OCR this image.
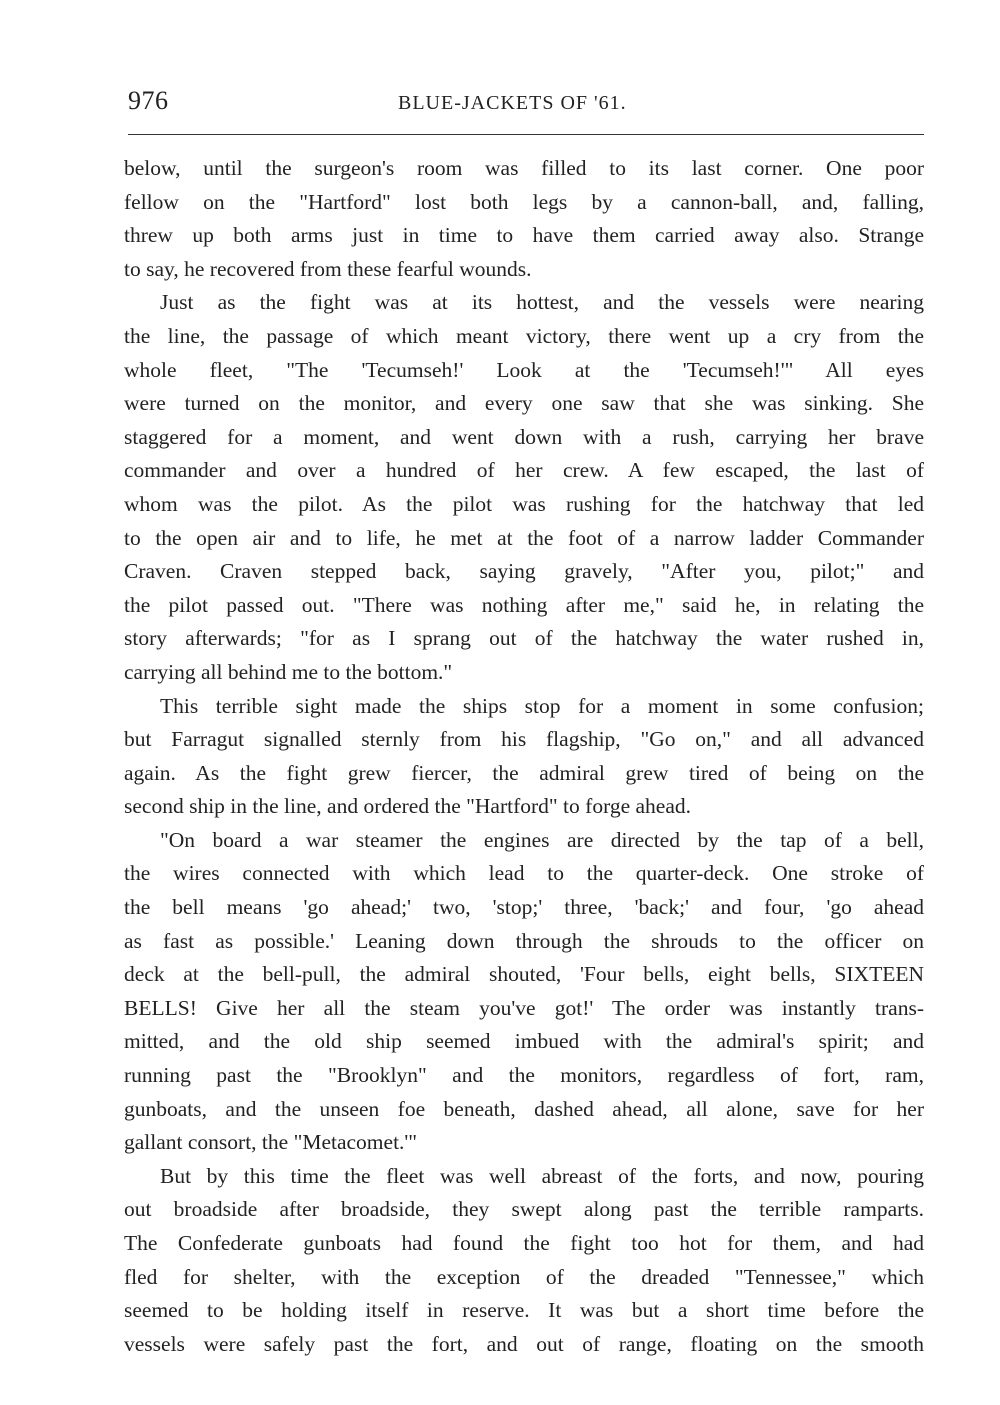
976	BLUE-JACKETS OF '61.
below, until the surgeon's room was filled to its last corner. One poor
fellow on the "Hartford" lost both legs by a cannon-ball, and, falling,
threw up both arms just in time to have them carried away also. Strange
to say, he recovered from these fearful wounds.
Just as the fight was at its hottest, and the vessels were nearing
the line, the passage of which meant victory, there went up a cry from the
whole fleet, "The 'Tecumseh!' Look at the 'Tecumseh!'" All eyes
were turned on the monitor, and every one saw that she was sinking. She
staggered for a moment, and went down with a rush, carrying her brave
commander and over a hundred of her crew. A few escaped, the last of
whom was the pilot. As the pilot was rushing for the hatchway that led
to the open air and to life, he met at the foot of a narrow ladder Commander
Craven. Craven stepped back, saying gravely, "After you, pilot;" and
the pilot passed out. "There was nothing after me," said he, in relating the
story afterwards; "for as I sprang out of the hatchway the water rushed in,
carrying all behind me to the bottom."
This terrible sight made the ships stop for a moment in some confusion;
but Farragut signalled sternly from his flagship, "Go on," and all advanced
again. As the fight grew fiercer, the admiral grew tired of being on the
second ship in the line, and ordered the "Hartford" to forge ahead.
"On board a war steamer the engines are directed by the tap of a bell,
the wires connected with which lead to the quarter-deck. One stroke of
the bell means 'go ahead;' two, 'stop;' three, 'back;' and four, 'go ahead
as fast as possible.' Leaning down through the shrouds to the officer on
deck at the bell-pull, the admiral shouted, 'Four bells, eight bells, SIXTEEN
BELLS! Give her all the steam you've got!' The order was instantly trans-
mitted, and the old ship seemed imbued with the admiral's spirit; and
running past the "Brooklyn" and the monitors, regardless of fort, ram,
gunboats, and the unseen foe beneath, dashed ahead, all alone, save for her
gallant consort, the "Metacomet.'"
But by this time the fleet was well abreast of the forts, and now, pouring
out broadside after broadside, they swept along past the terrible ramparts.
The Confederate gunboats had found the fight too hot for them, and had
fled for shelter, with the exception of the dreaded "Tennessee," which
seemed to be holding itself in reserve. It was but a short time before the
vessels were safely past the fort, and out of range, floating on the smooth
